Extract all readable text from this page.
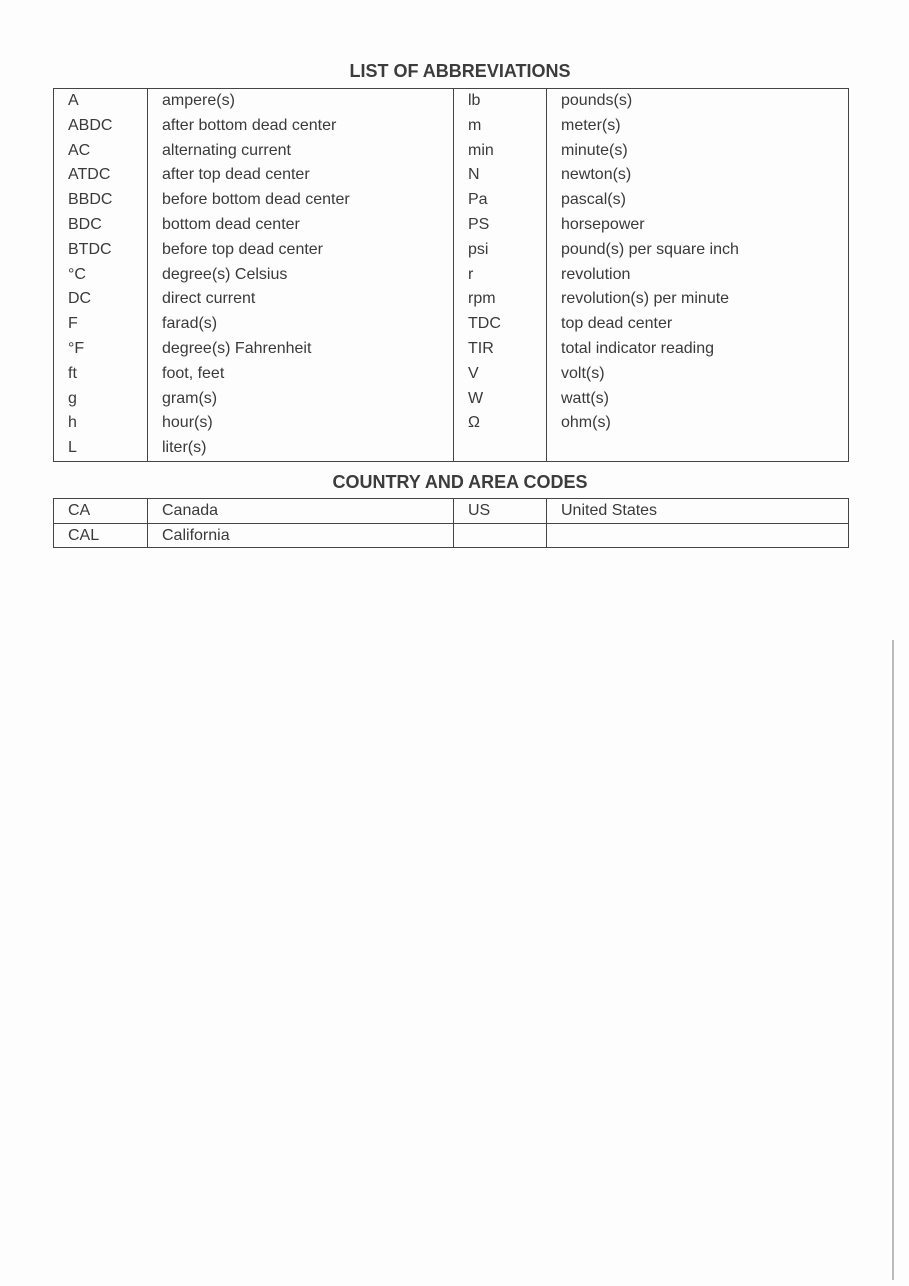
LIST OF ABBREVIATIONS
A	ampere(s)	lb	pounds(s)
ABDC	after bottom dead center	m	meter(s)
AC	alternating current	min	minute(s)
ATDC	after top dead center	N	newton(s)
BBDC	before bottom dead center	Pa	pascal(s)
BDC	bottom dead center	PS	horsepower
BTDC	before top dead center	psi	pound(s) per square inch
°C	degree(s) Celsius	r	revolution
DC	direct current	rpm	revolution(s) per minute
F	farad(s)	TDC	top dead center
°F	degree(s) Fahrenheit	TIR	total indicator reading
ft	foot, feet	V	volt(s)
g	gram(s)	W	watt(s)
h	hour(s)	Ω	ohm(s)
L	liter(s)		
COUNTRY AND AREA CODES
CA	Canada	US	United States
CAL	California		
